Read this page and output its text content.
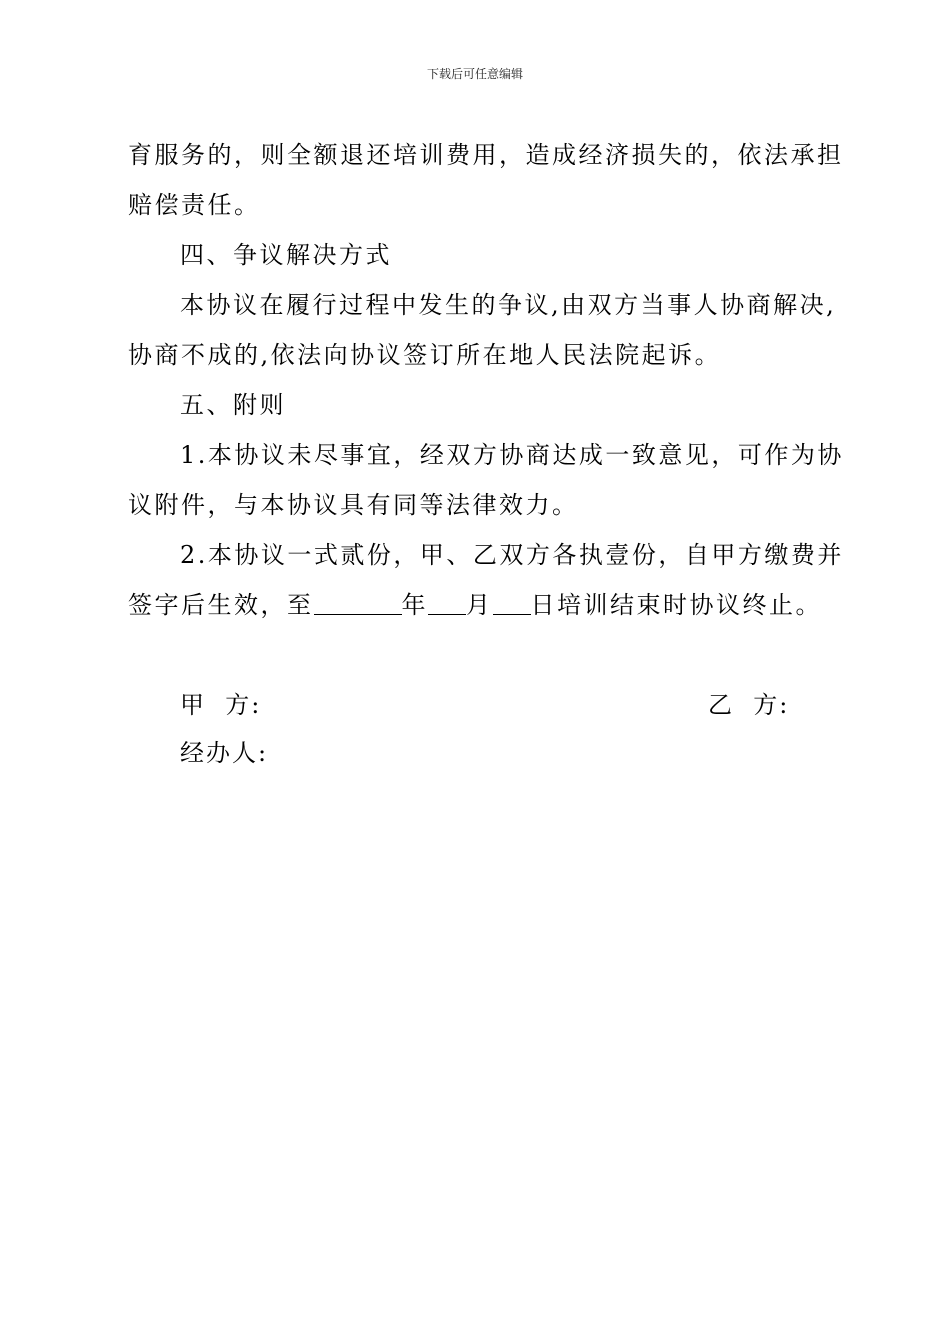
下载后可任意编辑
育服务的，则全额退还培训费用，造成经济损失的，依法承担
赔偿责任。
四、争议解决方式
本协议在履行过程中发生的争议,由双方当事人协商解决,
协商不成的,依法向协议签订所在地人民法院起诉。
五、附则
1.本协议未尽事宜，经双方协商达成一致意见，可作为协
议附件，与本协议具有同等法律效力。
2.本协议一式贰份，甲、乙双方各执壹份，自甲方缴费并
签字后生效，至	年 月 日培训结束时协议终止。
甲  方:	乙  方:
经办人:
